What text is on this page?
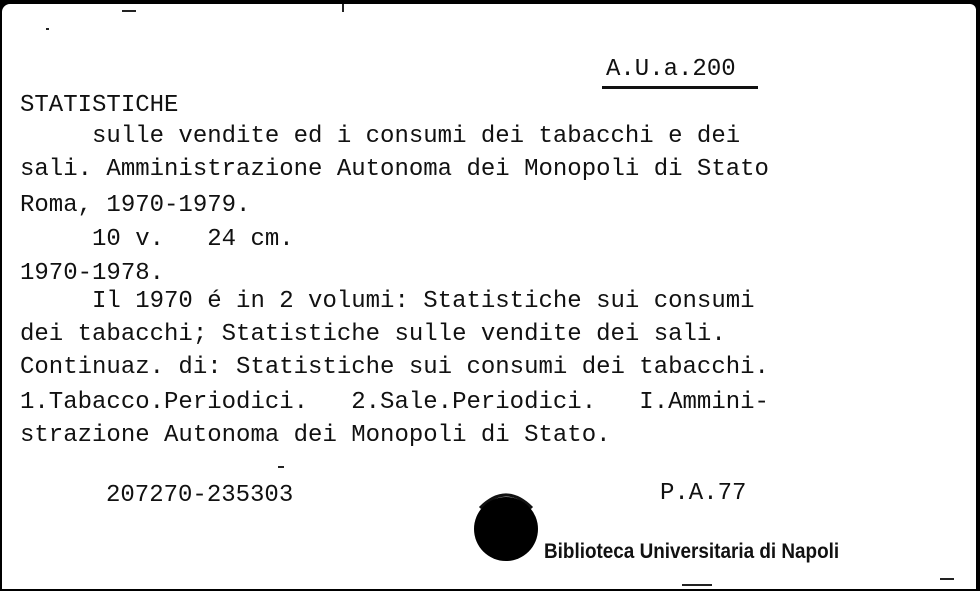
A.U.a.200
STATISTICHE
sulle vendite ed i consumi dei tabacchi e dei
sali. Amministrazione Autonoma dei Monopoli di Stato
Roma, 1970-1979.
10 v.   24 cm.
1970-1978.
Il 1970 é in 2 volumi: Statistiche sui consumi
dei tabacchi; Statistiche sulle vendite dei sali.
Continuaz. di: Statistiche sui consumi dei tabacchi.
1.Tabacco.Periodici.   2.Sale.Periodici.   I.Ammini-
strazione Autonoma dei Monopoli di Stato.
207270-235303	P.A.77
Biblioteca Universitaria di Napoli
